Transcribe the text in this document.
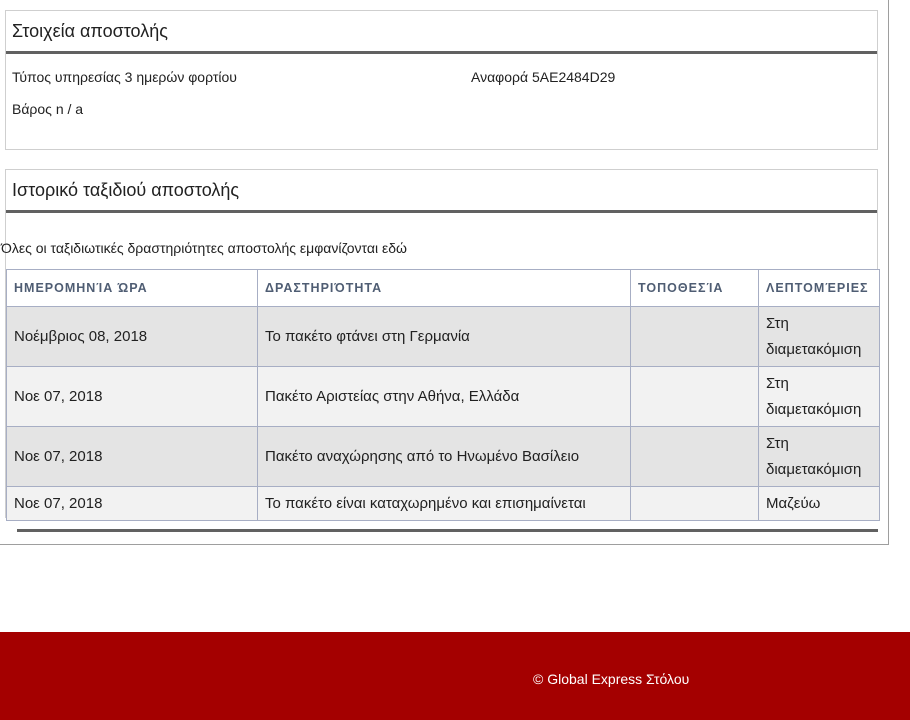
Στοιχεία αποστολής
Τύπος υπηρεσίας 3 ημερών φορτίου	Αναφορά 5AE2484D29
Βάρος n / a
Ιστορικό ταξιδιού αποστολής
Όλες οι ταξιδιωτικές δραστηριότητες αποστολής εμφανίζονται εδώ
ΗΜΕΡΟΜΗΝΊΑ ΏΡΑ	ΔΡΑΣΤΗΡΙΌΤΗΤΑ	ΤΟΠΟΘΕΣΊΑ	ΛΕΠΤΟΜΈΡΙΕΣ
Νοέμβριος 08, 2018	Το πακέτο φτάνει στη Γερμανία		Στη διαμετακόμιση
Νοε 07, 2018	Πακέτο Αριστείας στην Αθήνα, Ελλάδα		Στη διαμετακόμιση
Νοε 07, 2018	Πακέτο αναχώρησης από το Ηνωμένο Βασίλειο		Στη διαμετακόμιση
Νοε 07, 2018	Το πακέτο είναι καταχωρημένο και επισημαίνεται		Μαζεύω
© Global Express Στόλου
